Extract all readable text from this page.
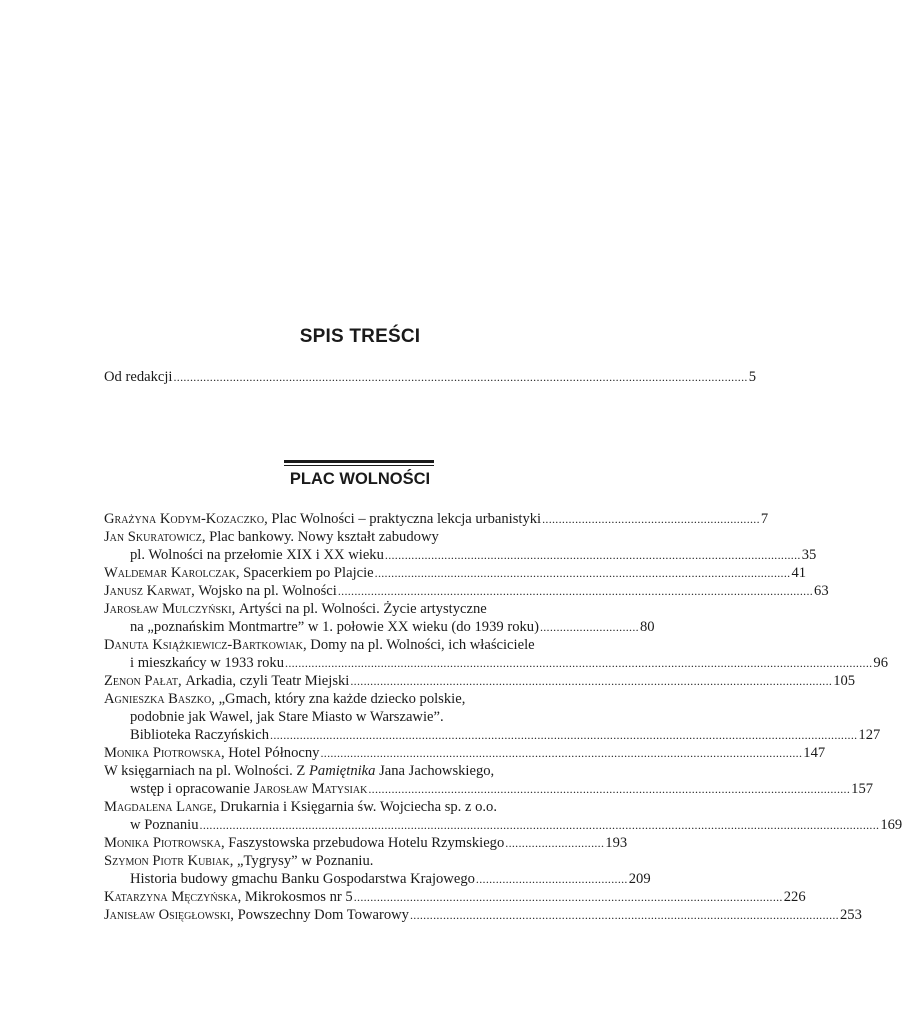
SPIS TREŚCI
Od redakcji .............................................................................................................................................................................. 5
PLAC WOLNOŚCI
Grażyna Kodym-Kozaczko , Plac Wolności – praktyczna lekcja urbanistyki .................................................................. 7
Jan Skuratowicz , Plac bankowy. Nowy kształt zabudowy
pl. Wolności na przełomie XIX i XX wieku .............................................................................................................................. 35
Waldemar Karolczak , Spacerkiem po Plajcie .............................................................................................................................. 41
Janusz Karwat , Wojsko na pl. Wolności ................................................................................................................................................ 63
Jarosław Mulczyński , Artyści na pl. Wolności. Życie artystyczne
na „poznańskim Montmartre” w 1. połowie XX wieku (do 1939 roku) .............................. 80
Danuta Książkiewicz-Bartkowiak , Domy na pl. Wolności, ich właściciele
i mieszkańcy w 1933 roku .................................................................................................................................................................................. 96
Zenon Pałat , Arkadia, czyli Teatr Miejski .................................................................................................................................................. 105
Agnieszka Baszko , „Gmach, który zna każde dziecko polskie,
podobnie jak Wawel, jak Stare Miasto w Warszawie”.
Biblioteka Raczyńskich .................................................................................................................................................................................. 127
Monika Piotrowska , Hotel Północny .................................................................................................................................................. 147
W księgarniach na pl. Wolności. Z Pamiętnika Jana Jachowskiego,
wstęp i opracowanie Jarosław Matysiak .................................................................................................................................................. 157
Magdalena Lange , Drukarnia i Księgarnia św. Wojciecha sp. z o.o.
w Poznaniu .............................................................................................................................................................................................................. 169
Monika Piotrowska , Faszystowska przebudowa Hotelu Rzymskiego .............................. 193
Szymon Piotr Kubiak , „Tygrysy” w Poznaniu.
Historia budowy gmachu Banku Gospodarstwa Krajowego .............................................. 209
Katarzyna Męczyńska , Mikrokosmos nr 5 .................................................................................................................................. 226
Janisław Osięgłowski , Powszechny Dom Towarowy .................................................................................................................................. 253
